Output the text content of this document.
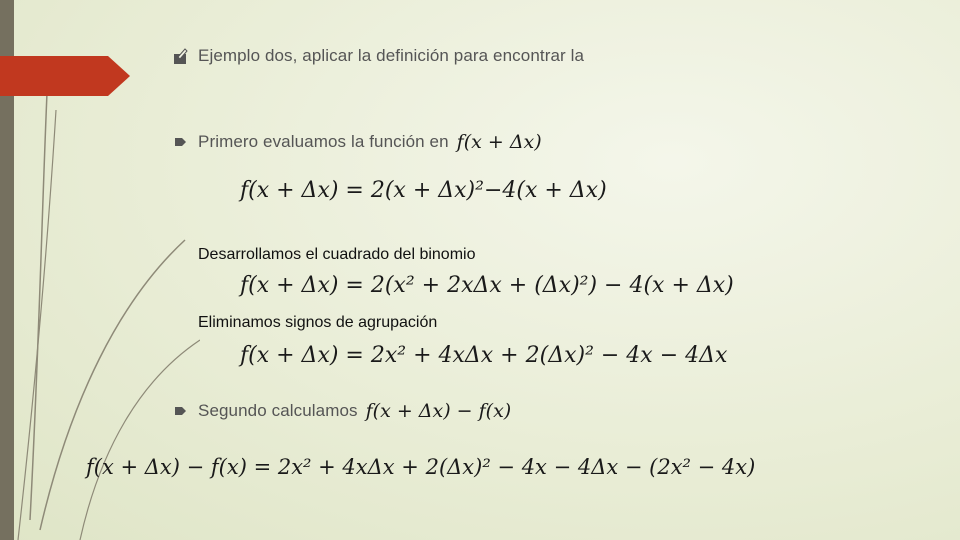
Ejemplo dos, aplicar la definición para encontrar la
Primero evaluamos la función en f(x + Δx)
f(x + Δx) = 2(x + Δx)²−4(x + Δx)
Desarrollamos el cuadrado del binomio
f(x + Δx) = 2(x² + 2xΔx + (Δx)²) − 4(x + Δx)
Eliminamos signos de agrupación
f(x + Δx) = 2x² + 4xΔx + 2(Δx)² − 4x − 4Δx
Segundo calculamos f(x + Δx) − f(x)
f(x + Δx) − f(x) = 2x² + 4xΔx + 2(Δx)² − 4x − 4Δx − (2x² − 4x)
